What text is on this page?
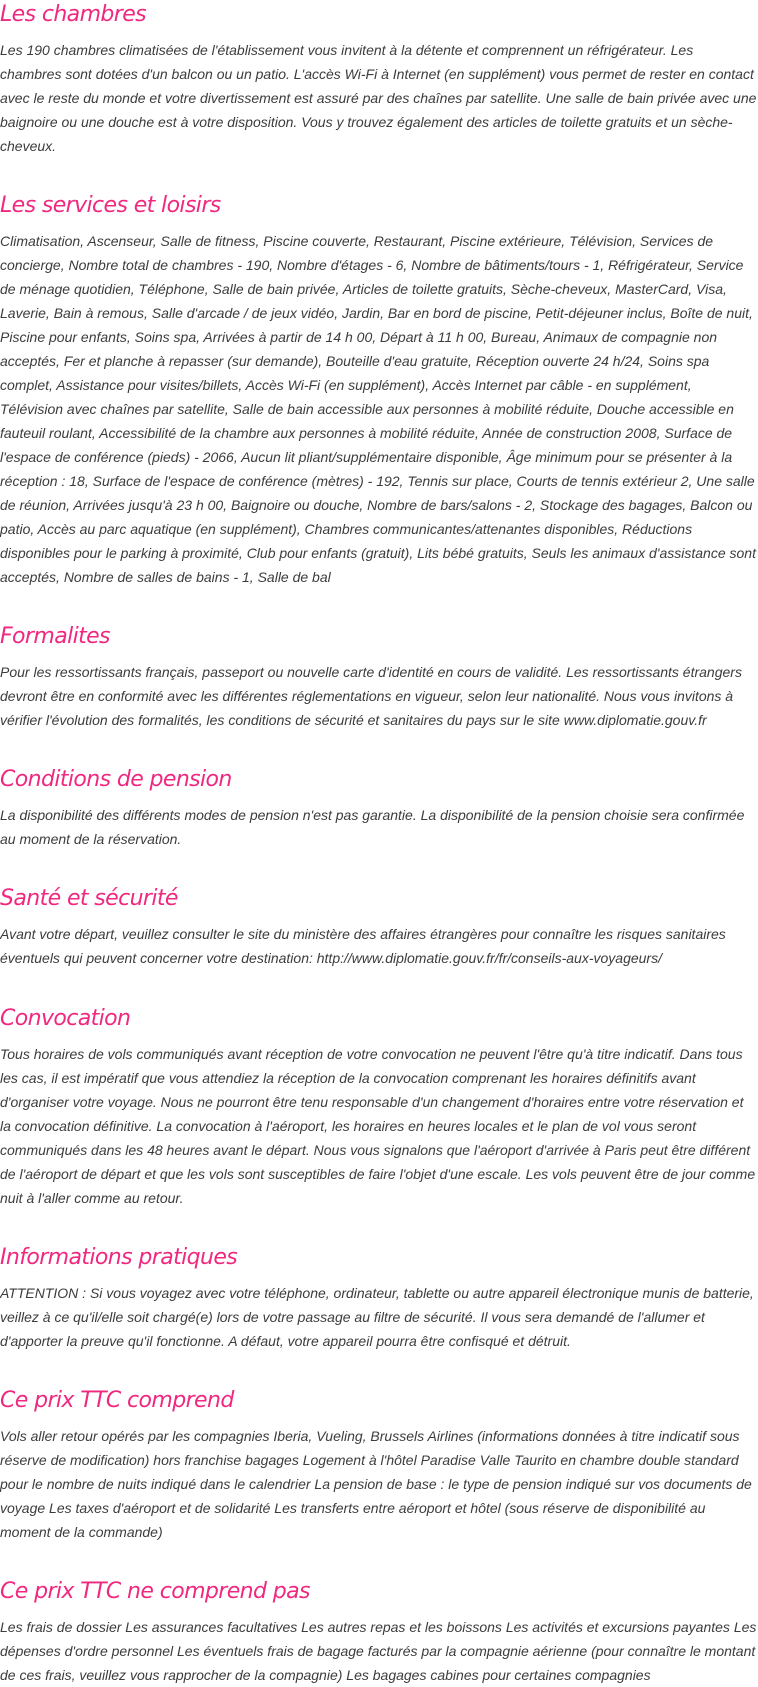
Les chambres

Les 190 chambres climatisées de l'établissement vous invitent à la détente et comprennent un réfrigérateur. Les chambres sont dotées d'un balcon ou un patio. L'accès Wi-Fi à Internet (en supplément) vous permet de rester en contact avec le reste du monde et votre divertissement est assuré par des chaînes par satellite. Une salle de bain privée avec une baignoire ou une douche est à votre disposition. Vous y trouvez également des articles de toilette gratuits et un sèche-cheveux.

Les services et loisirs

Climatisation, Ascenseur, Salle de fitness, Piscine couverte, Restaurant, Piscine extérieure, Télévision, Services de concierge, Nombre total de chambres - 190, Nombre d'étages - 6, Nombre de bâtiments/tours - 1, Réfrigérateur, Service de ménage quotidien, Téléphone, Salle de bain privée, Articles de toilette gratuits, Sèche-cheveux, MasterCard, Visa, Laverie, Bain à remous, Salle d'arcade / de jeux vidéo, Jardin, Bar en bord de piscine, Petit-déjeuner inclus, Boîte de nuit, Piscine pour enfants, Soins spa, Arrivées à partir de 14 h 00, Départ à 11 h 00, Bureau, Animaux de compagnie non acceptés, Fer et planche à repasser (sur demande), Bouteille d'eau gratuite, Réception ouverte 24 h/24, Soins spa complet, Assistance pour visites/billets, Accès Wi-Fi (en supplément), Accès Internet par câble - en supplément, Télévision avec chaînes par satellite, Salle de bain accessible aux personnes à mobilité réduite, Douche accessible en fauteuil roulant, Accessibilité de la chambre aux personnes à mobilité réduite, Année de construction 2008, Surface de l'espace de conférence (pieds) - 2066, Aucun lit pliant/supplémentaire disponible, Âge minimum pour se présenter à la réception : 18, Surface de l'espace de conférence (mètres) - 192, Tennis sur place, Courts de tennis extérieur 2, Une salle de réunion, Arrivées jusqu'à 23 h 00, Baignoire ou douche, Nombre de bars/salons - 2, Stockage des bagages, Balcon ou patio, Accès au parc aquatique (en supplément), Chambres communicantes/attenantes disponibles, Réductions disponibles pour le parking à proximité, Club pour enfants (gratuit), Lits bébé gratuits, Seuls les animaux d'assistance sont acceptés, Nombre de salles de bains - 1, Salle de bal

Formalites

Pour les ressortissants français, passeport ou nouvelle carte d'identité en cours de validité. Les ressortissants étrangers devront être en conformité avec les différentes réglementations en vigueur, selon leur nationalité. Nous vous invitons à vérifier l'évolution des formalités, les conditions de sécurité et sanitaires du pays sur le site www.diplomatie.gouv.fr

Conditions de pension

La disponibilité des différents modes de pension n'est pas garantie. La disponibilité de la pension choisie sera confirmée au moment de la réservation.

Santé et sécurité

Avant votre départ, veuillez consulter le site du ministère des affaires étrangères pour connaître les risques sanitaires éventuels qui peuvent concerner votre destination: http://www.diplomatie.gouv.fr/fr/conseils-aux-voyageurs/

Convocation

Tous horaires de vols communiqués avant réception de votre convocation ne peuvent l'être qu'à titre indicatif. Dans tous les cas, il est impératif que vous attendiez la réception de la convocation comprenant les horaires définitifs avant d'organiser votre voyage. Nous ne pourront être tenu responsable d'un changement d'horaires entre votre réservation et la convocation définitive. La convocation à l'aéroport, les horaires en heures locales et le plan de vol vous seront communiqués dans les 48 heures avant le départ. Nous vous signalons que l'aéroport d'arrivée à Paris peut être différent de l'aéroport de départ et que les vols sont susceptibles de faire l'objet d'une escale. Les vols peuvent être de jour comme nuit à l'aller comme au retour.

Informations pratiques

ATTENTION : Si vous voyagez avec votre téléphone, ordinateur, tablette ou autre appareil électronique munis de batterie, veillez à ce qu'il/elle soit chargé(e) lors de votre passage au filtre de sécurité. Il vous sera demandé de l'allumer et d'apporter la preuve qu'il fonctionne. A défaut, votre appareil pourra être confisqué et détruit.

Ce prix TTC comprend

Vols aller retour opérés par les compagnies Iberia, Vueling, Brussels Airlines (informations données à titre indicatif sous réserve de modification) hors franchise bagages Logement à l'hôtel Paradise Valle Taurito en chambre double standard pour le nombre de nuits indiqué dans le calendrier La pension de base : le type de pension indiqué sur vos documents de voyage Les taxes d'aéroport et de solidarité Les transferts entre aéroport et hôtel (sous réserve de disponibilité au moment de la commande)

Ce prix TTC ne comprend pas

Les frais de dossier Les assurances facultatives Les autres repas et les boissons Les activités et excursions payantes Les dépenses d'ordre personnel Les éventuels frais de bagage facturés par la compagnie aérienne (pour connaître le montant de ces frais, veuillez vous rapprocher de la compagnie) Les bagages cabines pour certaines compagnies
